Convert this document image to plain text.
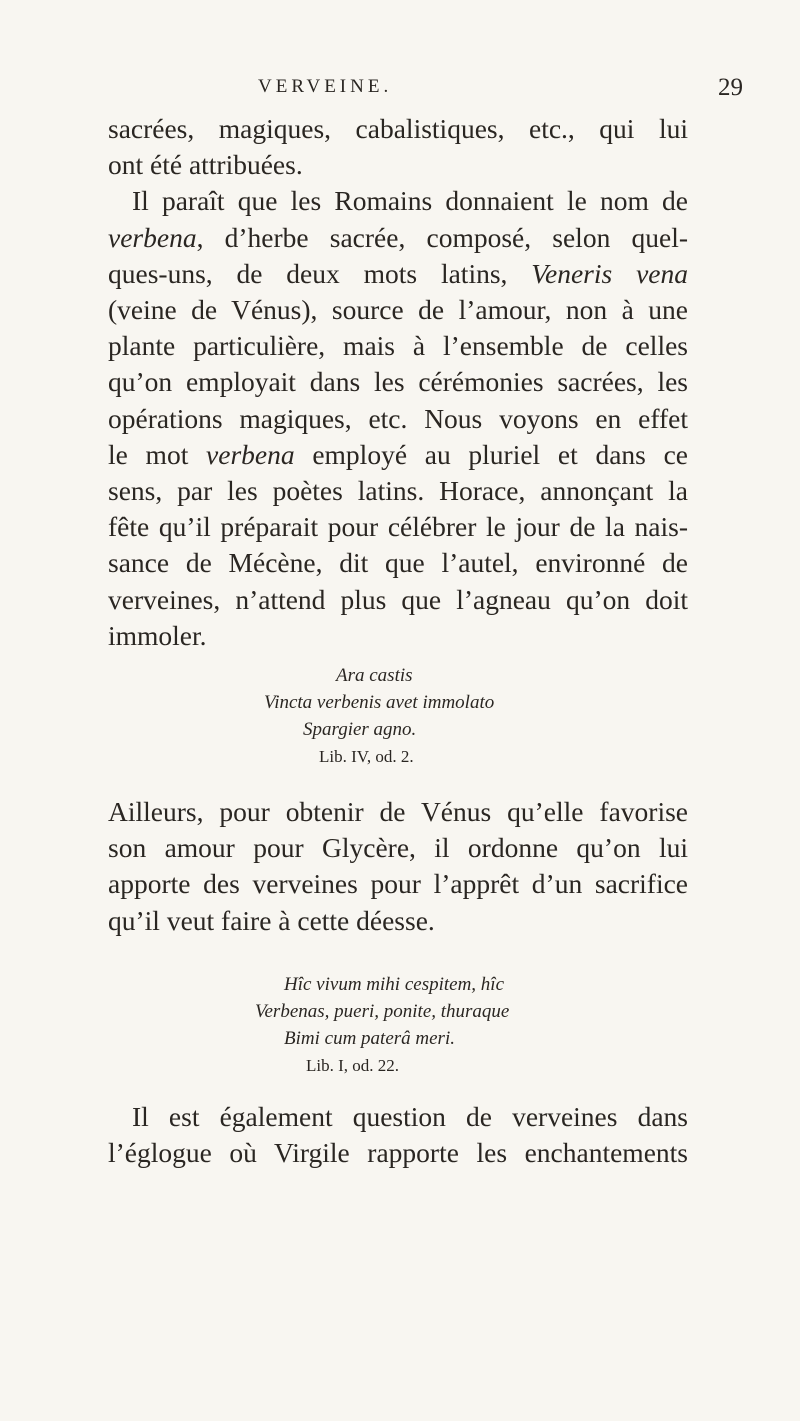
VERVEINE.	29

sacrées, magiques, cabalistiques, etc., qui lui

ont été attribuées.

Il paraît que les Romains donnaient le nom de

verbena, d’herbe sacrée, composé, selon quel-

ques-uns, de deux mots latins, Veneris vena

(veine de Vénus), source de l’amour, non à une

plante particulière, mais à l’ensemble de celles

qu’on employait dans les cérémonies sacrées, les

opérations magiques, etc. Nous voyons en effet

le mot verbena employé au pluriel et dans ce

sens, par les poètes latins. Horace, annonçant la

fête qu’il préparait pour célébrer le jour de la nais-

sance de Mécène, dit que l’autel, environné de

verveines, n’attend plus que l’agneau qu’on doit

immoler.

Ara castis
Vincta verbenis avet immolato
Spargier agno.
Lib. IV, od. 2.

Ailleurs, pour obtenir de Vénus qu’elle favorise

son amour pour Glycère, il ordonne qu’on lui

apporte des verveines pour l’apprêt d’un sacrifice

qu’il veut faire à cette déesse.

Hîc vivum mihi cespitem, hîc
Verbenas, pueri, ponite, thuraque
Bimi cum paterâ meri.
Lib. I, od. 22.

Il est également question de verveines dans

l’églogue où Virgile rapporte les enchantements
